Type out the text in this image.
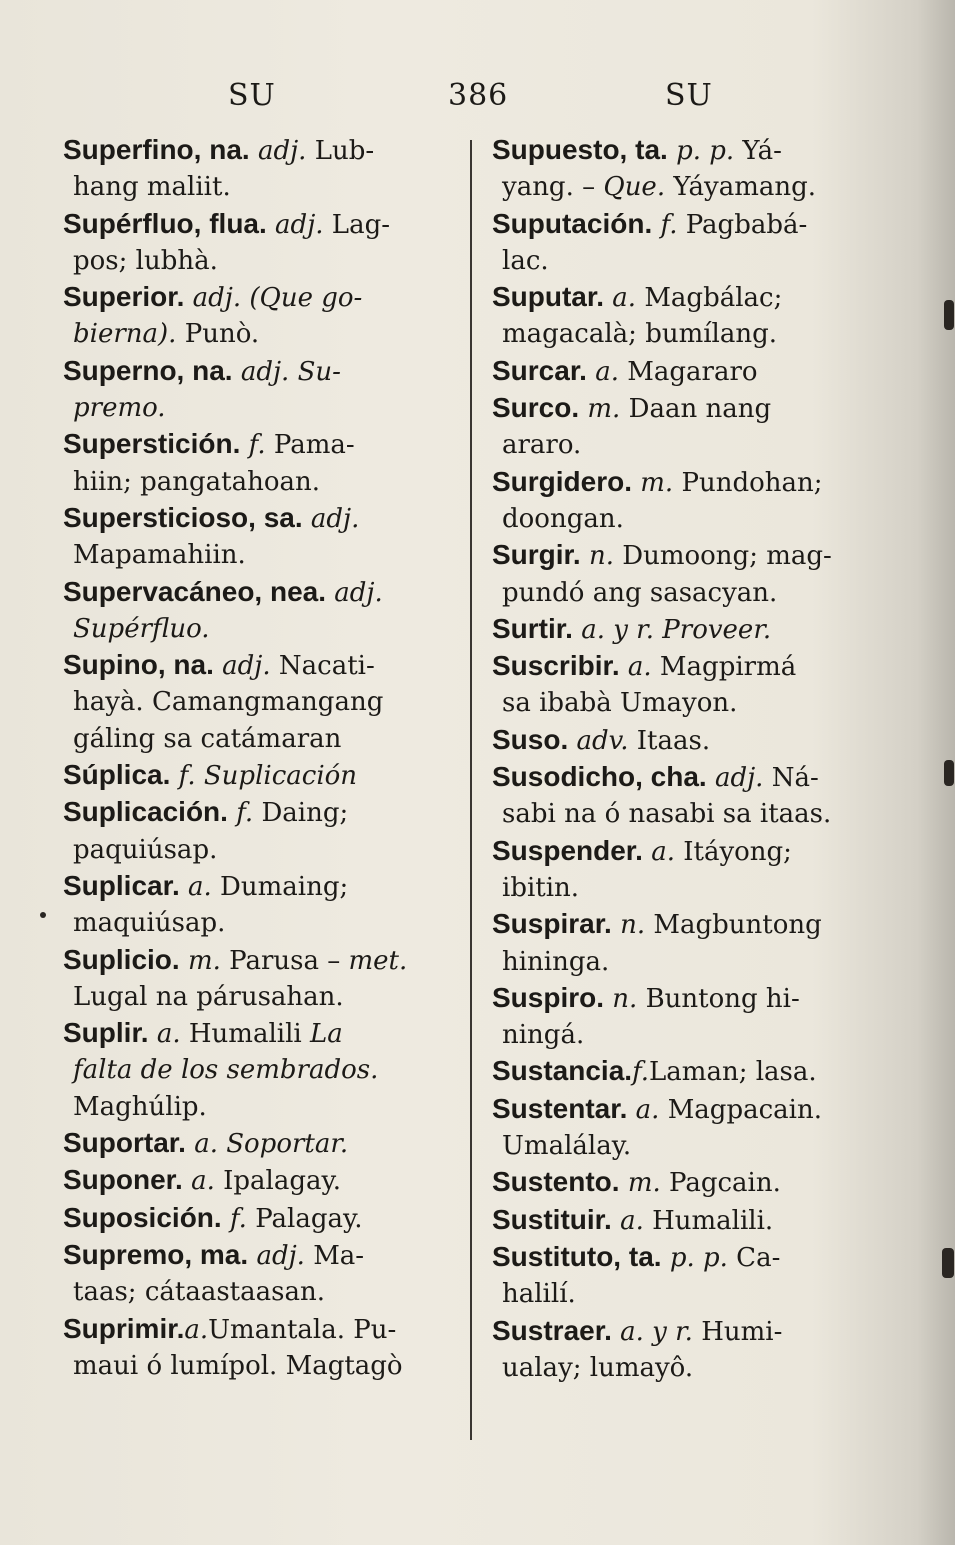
SU	386	SU
Superfino, na. adj. Lub-
hang maliit.
Supérfluo, flua. adj. Lag-
pos; lubhà.
Superior. adj. (Que go-
bierna). Punò.
Superno, na. adj. Su-
premo.
Superstición. f. Pama-
hiin; pangatahoan.
Supersticioso, sa. adj.
Mapamahiin.
Supervacáneo, nea. adj.
Supérfluo.
Supino, na. adj. Nacati-
hayà. Camangmangang
gáling sa catámaran
Súplica. f. Suplicación
Suplicación. f. Daing;
paquiúsap.
Suplicar. a. Dumaing;
maquiúsap.
Suplicio. m. Parusa – met.
Lugal na párusahan.
Suplir. a. Humalili La
falta de los sembrados.
Maghúlip.
Suportar. a. Soportar.
Suponer. a. Ipalagay.
Suposición. f. Palagay.
Supremo, ma. adj. Ma-
taas; cátaastaasan.
Suprimir.a.Umantala. Pu-
maui ó lumípol. Magtagò
Supuesto, ta. p. p. Yá-
yang. – Que. Yáyamang.
Suputación. f. Pagbabá-
lac.
Suputar. a. Magbálac;
magacalà; bumílang.
Surcar. a. Magararo
Surco. m. Daan nang
araro.
Surgidero. m. Pundohan;
doongan.
Surgir. n. Dumoong; mag-
pundó ang sasacyan.
Surtir. a. y r. Proveer.
Suscribir. a. Magpirmá
sa ibabà Umayon.
Suso. adv. Itaas.
Susodicho, cha. adj. Ná-
sabi na ó nasabi sa itaas.
Suspender. a. Itáyong;
ibitin.
Suspirar. n. Magbuntong
hininga.
Suspiro. n. Buntong hi-
ningá.
Sustancia.f.Laman; lasa.
Sustentar. a. Magpacain.
Umalálay.
Sustento. m. Pagcain.
Sustituir. a. Humalili.
Sustituto, ta. p. p. Ca-
halilí.
Sustraer. a. y r. Humi-
ualay; lumayô.
